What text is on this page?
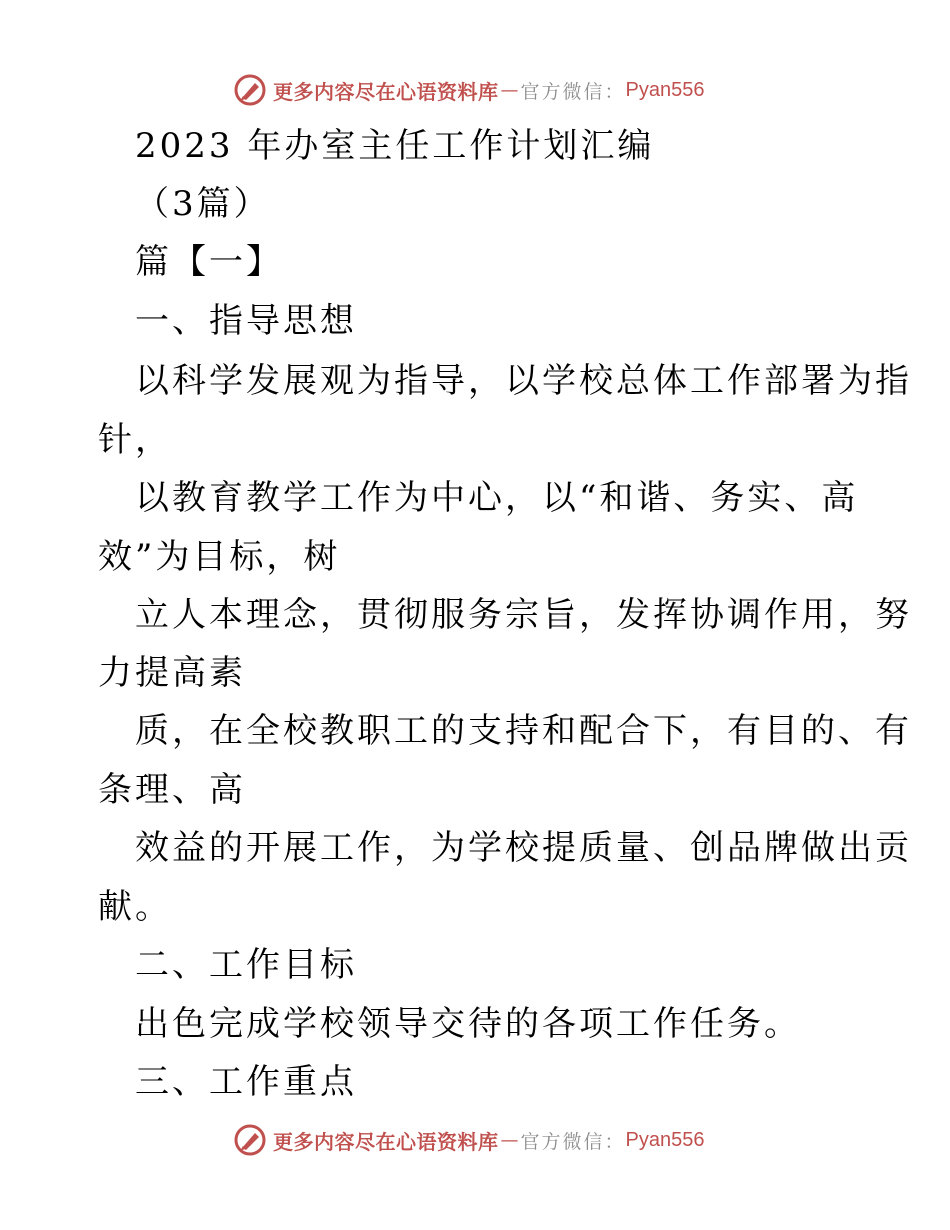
更多内容尽在心语资料库 — 官方微信： Pyan556

2023 年办室主任工作计划汇编

（3篇）

篇【一】

一、指导思想

以科学发展观为指导，以学校总体工作部署为指

针，

以教育教学工作为中心，以“和谐、务实、高

效”为目标，树

立人本理念，贯彻服务宗旨，发挥协调作用，努

力提高素

质，在全校教职工的支持和配合下，有目的、有

条理、高

效益的开展工作，为学校提质量、创品牌做出贡

献。

二、工作目标

出色完成学校领导交待的各项工作任务。

三、工作重点

更多内容尽在心语资料库 — 官方微信： Pyan556
